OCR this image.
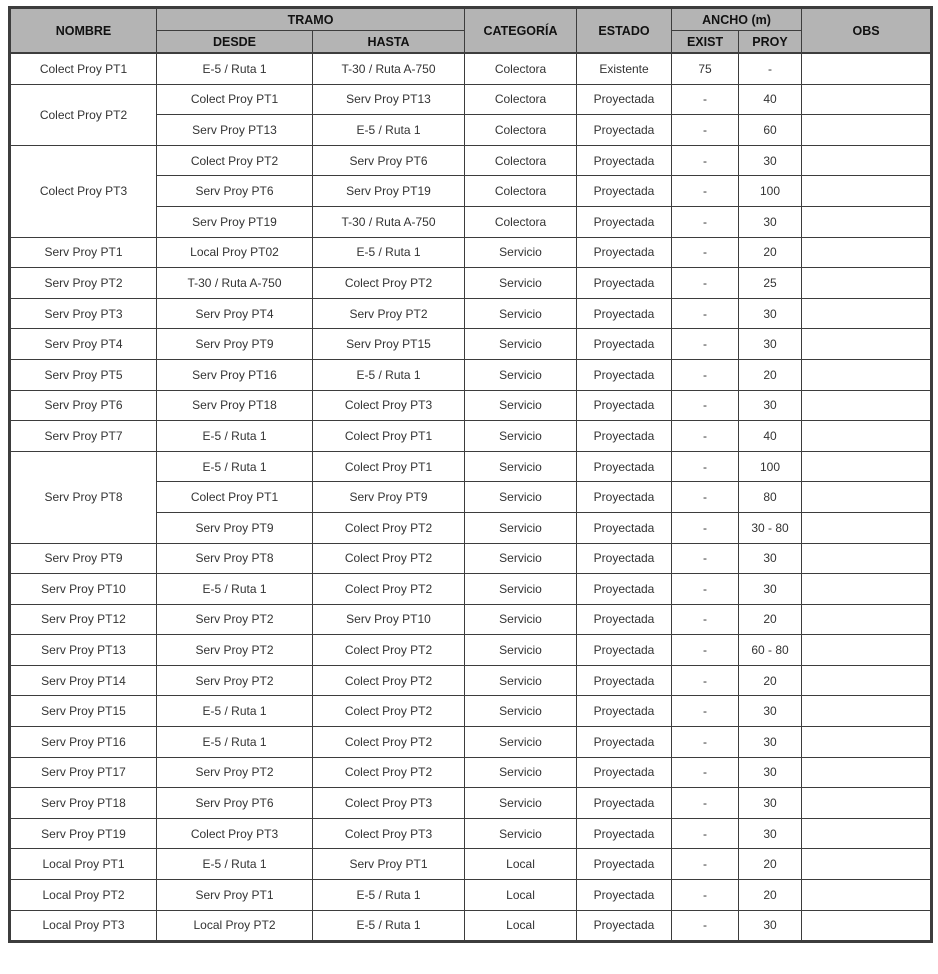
NOMBRE	TRAMO		CATEGORÍA	ESTADO	ANCHO (m)		OBS
	DESDE	HASTA			EXIST	PROY	
Colect Proy PT1	E-5 / Ruta 1	T-30 / Ruta A-750	Colectora	Existente	75	-	
Colect Proy PT2	Colect Proy PT1	Serv Proy PT13	Colectora	Proyectada	-	40	
	Serv Proy PT13	E-5 / Ruta 1	Colectora	Proyectada	-	60	
Colect Proy PT3	Colect Proy PT2	Serv Proy PT6	Colectora	Proyectada	-	30	
	Serv Proy PT6	Serv Proy PT19	Colectora	Proyectada	-	100	
	Serv Proy PT19	T-30 / Ruta A-750	Colectora	Proyectada	-	30	
Serv Proy PT1	Local Proy PT02	E-5 / Ruta 1	Servicio	Proyectada	-	20	
Serv Proy PT2	T-30 / Ruta A-750	Colect Proy PT2	Servicio	Proyectada	-	25	
Serv Proy PT3	Serv Proy PT4	Serv Proy PT2	Servicio	Proyectada	-	30	
Serv Proy PT4	Serv Proy PT9	Serv Proy PT15	Servicio	Proyectada	-	30	
Serv Proy PT5	Serv Proy PT16	E-5 / Ruta 1	Servicio	Proyectada	-	20	
Serv Proy PT6	Serv Proy PT18	Colect Proy PT3	Servicio	Proyectada	-	30	
Serv Proy PT7	E-5 / Ruta 1	Colect Proy PT1	Servicio	Proyectada	-	40	
Serv Proy PT8	E-5 / Ruta 1	Colect Proy PT1	Servicio	Proyectada	-	100	
	Colect Proy PT1	Serv Proy PT9	Servicio	Proyectada	-	80	
	Serv Proy PT9	Colect Proy PT2	Servicio	Proyectada	-	30 - 80	
Serv Proy PT9	Serv Proy PT8	Colect Proy PT2	Servicio	Proyectada	-	30	
Serv Proy PT10	E-5 / Ruta 1	Colect Proy PT2	Servicio	Proyectada	-	30	
Serv Proy PT12	Serv Proy PT2	Serv Proy PT10	Servicio	Proyectada	-	20	
Serv Proy PT13	Serv Proy PT2	Colect Proy PT2	Servicio	Proyectada	-	60 - 80	
Serv Proy PT14	Serv Proy PT2	Colect Proy PT2	Servicio	Proyectada	-	20	
Serv Proy PT15	E-5 / Ruta 1	Colect Proy PT2	Servicio	Proyectada	-	30	
Serv Proy PT16	E-5 / Ruta 1	Colect Proy PT2	Servicio	Proyectada	-	30	
Serv Proy PT17	Serv Proy PT2	Colect Proy PT2	Servicio	Proyectada	-	30	
Serv Proy PT18	Serv Proy PT6	Colect Proy PT3	Servicio	Proyectada	-	30	
Serv Proy PT19	Colect Proy PT3	Colect Proy PT3	Servicio	Proyectada	-	30	
Local Proy PT1	E-5 / Ruta 1	Serv Proy PT1	Local	Proyectada	-	20	
Local Proy PT2	Serv Proy PT1	E-5 / Ruta 1	Local	Proyectada	-	20	
Local Proy PT3	Local Proy PT2	E-5 / Ruta 1	Local	Proyectada	-	30	
